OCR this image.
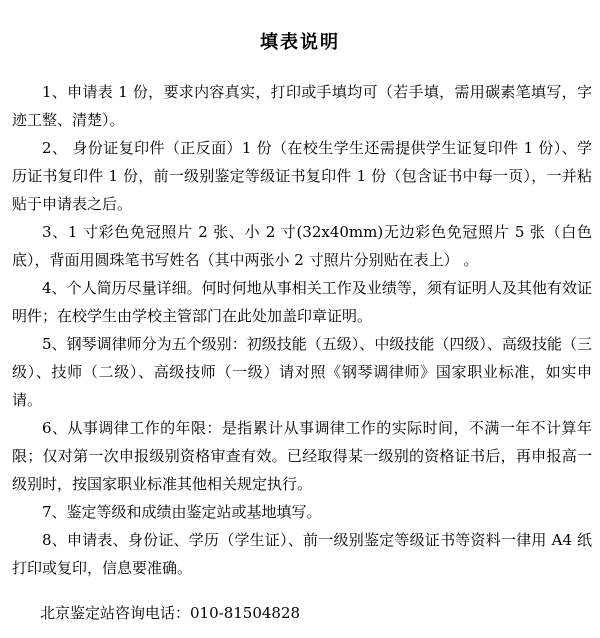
填表说明

1、申请表 1 份，要求内容真实，打印或手填均可（若手填，需用碳素笔填写，字迹工整、清楚）。

2、 身份证复印件（正反面）1 份（在校生学生还需提供学生证复印件 1 份）、学历证书复印件 1 份，前一级别鉴定等级证书复印件 1 份（包含证书中每一页），一并粘贴于申请表之后。

3、1 寸彩色免冠照片 2 张、小 2 寸(32x40mm)无边彩色免冠照片 5 张（白色底），背面用圆珠笔书写姓名（其中两张小 2 寸照片分别贴在表上） 。

4、个人简历尽量详细。何时何地从事相关工作及业绩等，须有证明人及其他有效证明件；在校学生由学校主管部门在此处加盖印章证明。

5、钢琴调律师分为五个级别：初级技能（五级）、中级技能（四级）、高级技能（三级）、技师（二级）、高级技师（一级）请对照《钢琴调律师》国家职业标准，如实申请。

6、从事调律工作的年限：是指累计从事调律工作的实际时间，不满一年不计算年限；仅对第一次申报级别资格审查有效。已经取得某一级别的资格证书后，再申报高一级别时，按国家职业标准其他相关规定执行。

7、鉴定等级和成绩由鉴定站或基地填写。

8、申请表、身份证、学历（学生证）、前一级别鉴定等级证书等资料一律用 A4 纸打印或复印，信息要准确。

北京鉴定站咨询电话：010-81504828
